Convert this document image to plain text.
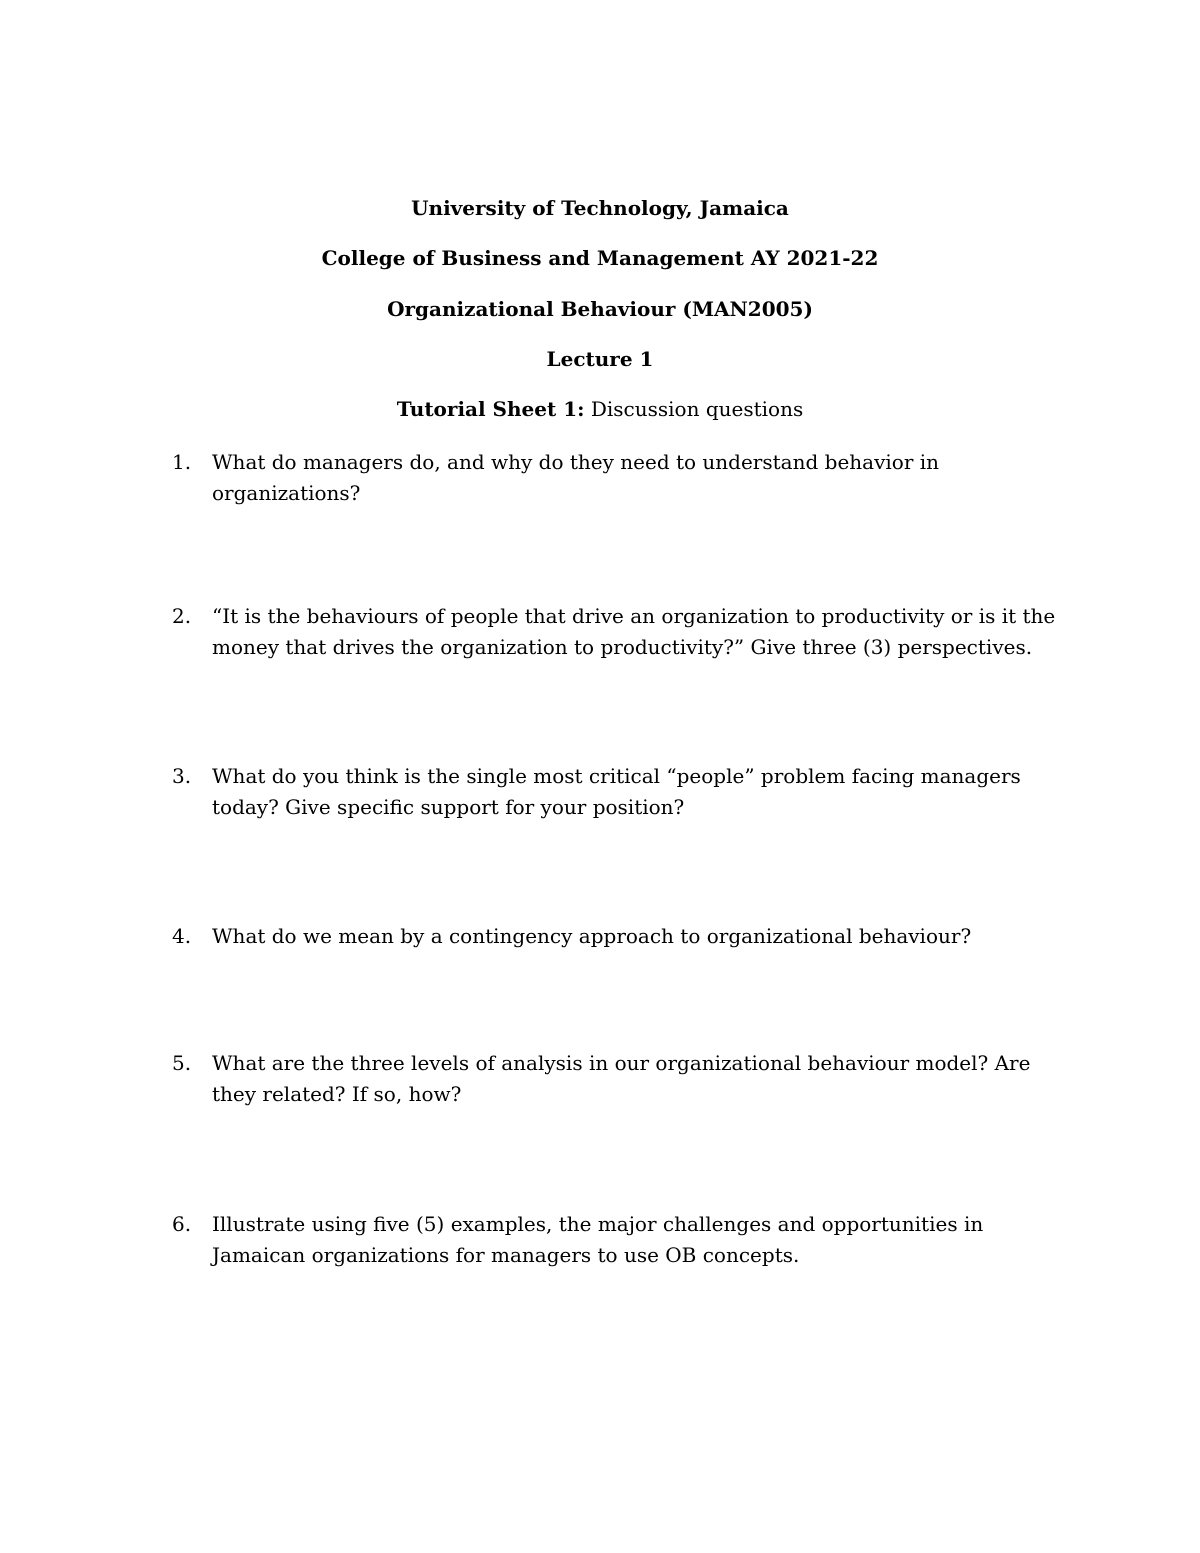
University of Technology, Jamaica
College of Business and Management AY 2021-22
Organizational Behaviour (MAN2005)
Lecture 1
Tutorial Sheet 1: Discussion questions
1.	What do managers do, and why do they need to understand behavior in organizations?
2.	“It is the behaviours of people that drive an organization to productivity or is it the money that drives the organization to productivity?” Give three (3) perspectives.
3.	What do you think is the single most critical “people” problem facing managers today? Give specific support for your position?
4.	What do we mean by a contingency approach to organizational behaviour?
5.	What are the three levels of analysis in our organizational behaviour model? Are they related? If so, how?
6.	Illustrate using five (5) examples, the major challenges and opportunities in Jamaican organizations for managers to use OB concepts.
